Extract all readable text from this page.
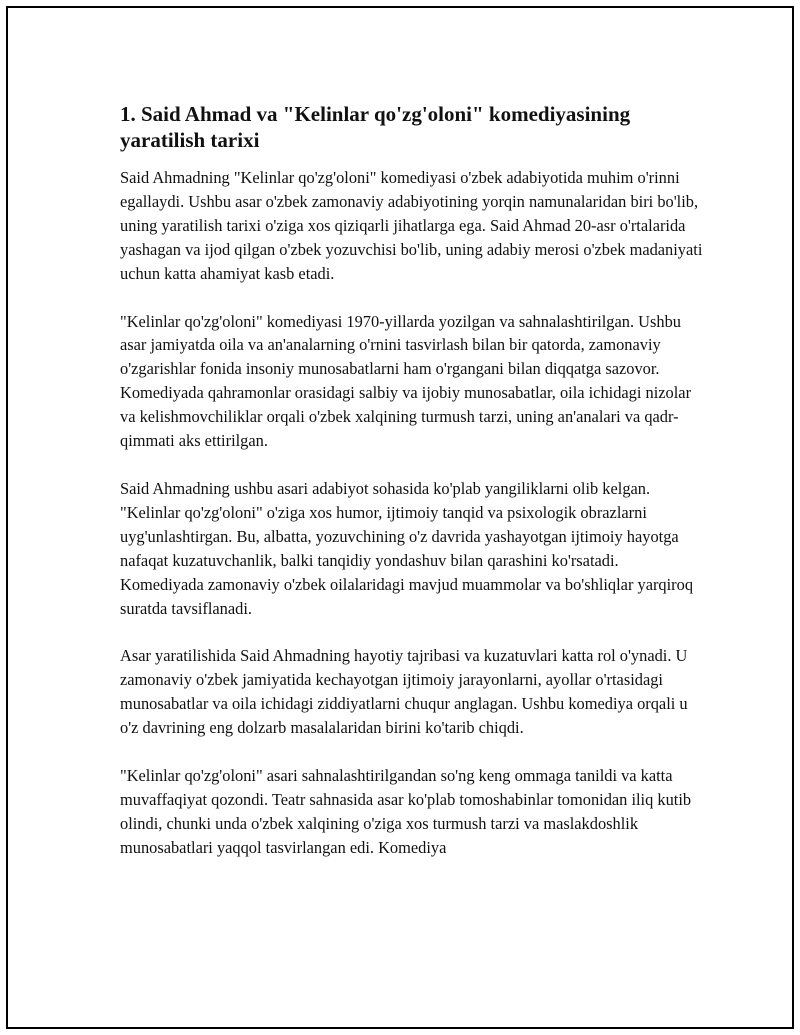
1. Said Ahmad va "Kelinlar qo'zg'oloni" komediyasining yaratilish tarixi

Said Ahmadning "Kelinlar qo'zg'oloni" komediyasi o'zbek adabiyotida muhim o'rinni egallaydi. Ushbu asar o'zbek zamonaviy adabiyotining yorqin namunalaridan biri bo'lib, uning yaratilish tarixi o'ziga xos qiziqarli jihatlarga ega. Said Ahmad 20-asr o'rtalarida yashagan va ijod qilgan o'zbek yozuvchisi bo'lib, uning adabiy merosi o'zbek madaniyati uchun katta ahamiyat kasb etadi.

"Kelinlar qo'zg'oloni" komediyasi 1970-yillarda yozilgan va sahnalashtirilgan. Ushbu asar jamiyatda oila va an'analarning o'rnini tasvirlash bilan bir qatorda, zamonaviy o'zgarishlar fonida insoniy munosabatlarni ham o'rgangani bilan diqqatga sazovor. Komediyada qahramonlar orasidagi salbiy va ijobiy munosabatlar, oila ichidagi nizolar va kelishmovchiliklar orqali o'zbek xalqining turmush tarzi, uning an'analari va qadr-qimmati aks ettirilgan.

Said Ahmadning ushbu asari adabiyot sohasida ko'plab yangiliklarni olib kelgan. "Kelinlar qo'zg'oloni" o'ziga xos humor, ijtimoiy tanqid va psixologik obrazlarni uyg'unlashtirgan. Bu, albatta, yozuvchining o'z davrida yashayotgan ijtimoiy hayotga nafaqat kuzatuvchanlik, balki tanqidiy yondashuv bilan qarashini ko'rsatadi. Komediyada zamonaviy o'zbek oilalaridagi mavjud muammolar va bo'shliqlar yarqiroq suratda tavsiflanadi.

Asar yaratilishida Said Ahmadning hayotiy tajribasi va kuzatuvlari katta rol o'ynadi. U zamonaviy o'zbek jamiyatida kechayotgan ijtimoiy jarayonlarni, ayollar o'rtasidagi munosabatlar va oila ichidagi ziddiyatlarni chuqur anglagan. Ushbu komediya orqali u o'z davrining eng dolzarb masalalaridan birini ko'tarib chiqdi.

"Kelinlar qo'zg'oloni" asari sahnalashtirilgandan so'ng keng ommaga tanildi va katta muvaffaqiyat qozondi. Teatr sahnasida asar ko'plab tomoshabinlar tomonidan iliq kutib olindi, chunki unda o'zbek xalqining o'ziga xos turmush tarzi va maslakdoshlik munosabatlari yaqqol tasvirlangan edi. Komediya
